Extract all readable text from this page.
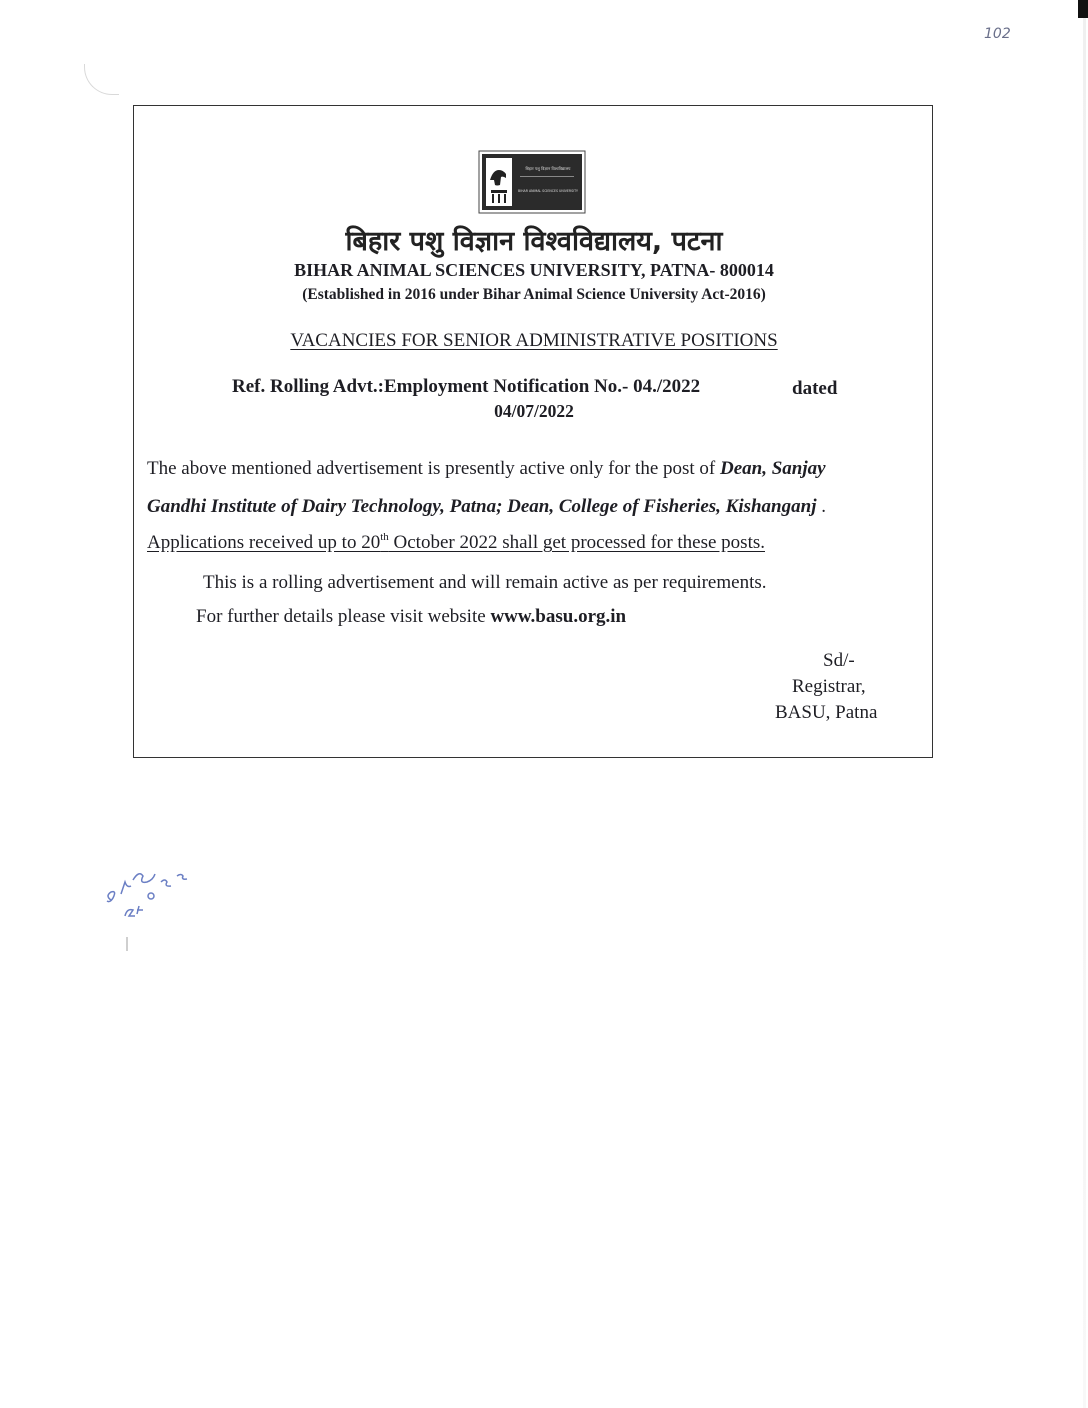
102
बिहार पशु विज्ञान विश्वविद्यालय
BIHAR ANIMAL SCIENCES UNIVERSITY
बिहार पशु विज्ञान विश्वविद्यालय, पटना
BIHAR ANIMAL SCIENCES UNIVERSITY, PATNA- 800014
(Established in 2016 under Bihar Animal Science University Act-2016)
VACANCIES FOR SENIOR ADMINISTRATIVE POSITIONS
Ref. Rolling Advt.:Employment Notification No.- 04./2022	dated
04/07/2022
The above mentioned advertisement is presently active only for the post of Dean, Sanjay
Gandhi Institute of Dairy Technology, Patna; Dean, College of Fisheries, Kishanganj .
Applications received up to 20th October 2022 shall get processed for these posts.
This is a rolling advertisement and will remain active as per requirements.
For further details please visit website www.basu.org.in
Sd/-
Registrar,
BASU, Patna
